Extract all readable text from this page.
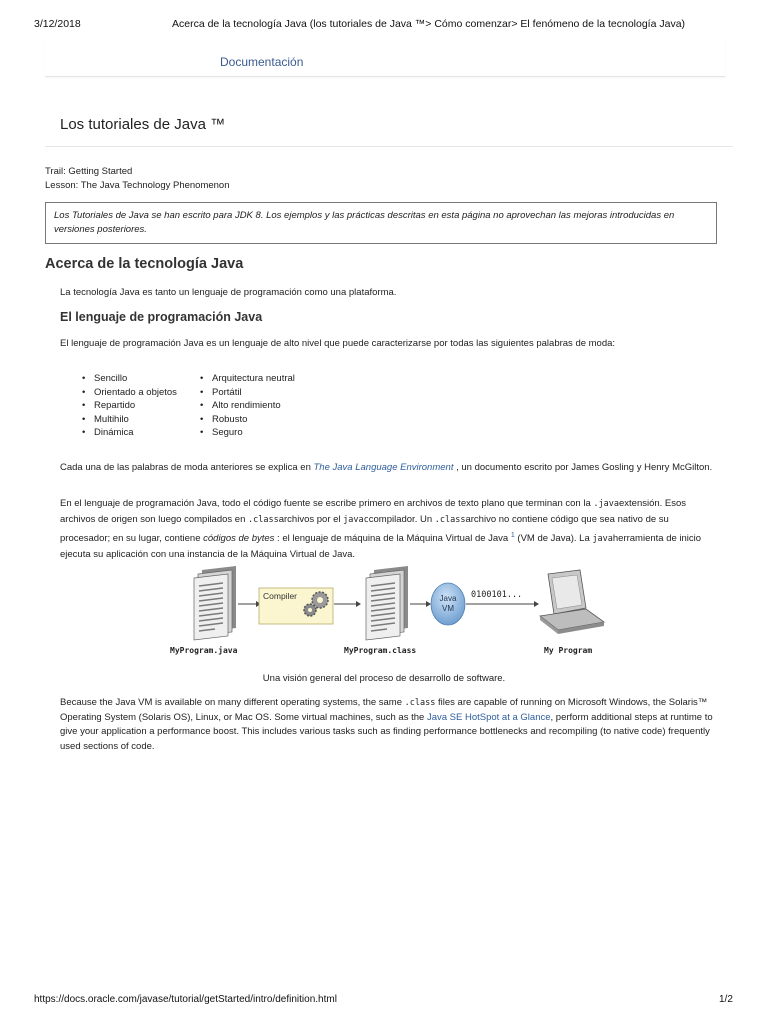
3/12/2018	Acerca de la tecnología Java (los tutoriales de Java ™> Cómo comenzar> El fenómeno de la tecnología Java)
Documentación
Los tutoriales de Java ™
Trail: Getting Started
Lesson: The Java Technology Phenomenon
Los Tutoriales de Java se han escrito para JDK 8. Los ejemplos y las prácticas descritas en esta página no aprovechan las mejoras introducidas en versiones posteriores.
Acerca de la tecnología Java
La tecnología Java es tanto un lenguaje de programación como una plataforma.
El lenguaje de programación Java
El lenguaje de programación Java es un lenguaje de alto nivel que puede caracterizarse por todas las siguientes palabras de moda:
• Sencillo
• Orientado a objetos
• Repartido
• Multihilo
• Dinámica
• Arquitectura neutral
• Portátil
• Alto rendimiento
• Robusto
• Seguro
Cada una de las palabras de moda anteriores se explica en The Java Language Environment , un documento escrito por James Gosling y Henry McGilton.
En el lenguaje de programación Java, todo el código fuente se escribe primero en archivos de texto plano que terminan con la .javaextensión. Esos archivos de origen son luego compilados en .classarchivos por el javaccompilador. Un .classarchivo no contiene código que sea nativo de su procesador; en su lugar, contiene códigos de bytes : el lenguaje de máquina de la Máquina Virtual de Java $^1$ (VM de Java). La javaherramienta de inicio ejecuta su aplicación con una instancia de la Máquina Virtual de Java.
Compiler	Java
VM
0100101...
MyProgram.java	MyProgram.class	My Program
Una visión general del proceso de desarrollo de software.
Because the Java VM is available on many different operating systems, the same .class files are capable of running on Microsoft Windows, the Solaris™ Operating System (Solaris OS), Linux, or Mac OS. Some virtual machines, such as the Java SE HotSpot at a Glance, perform additional steps at runtime to give your application a performance boost. This includes various tasks such as finding performance bottlenecks and recompiling (to native code) frequently used sections of code.
https://docs.oracle.com/javase/tutorial/getStarted/intro/definition.html	1/2
